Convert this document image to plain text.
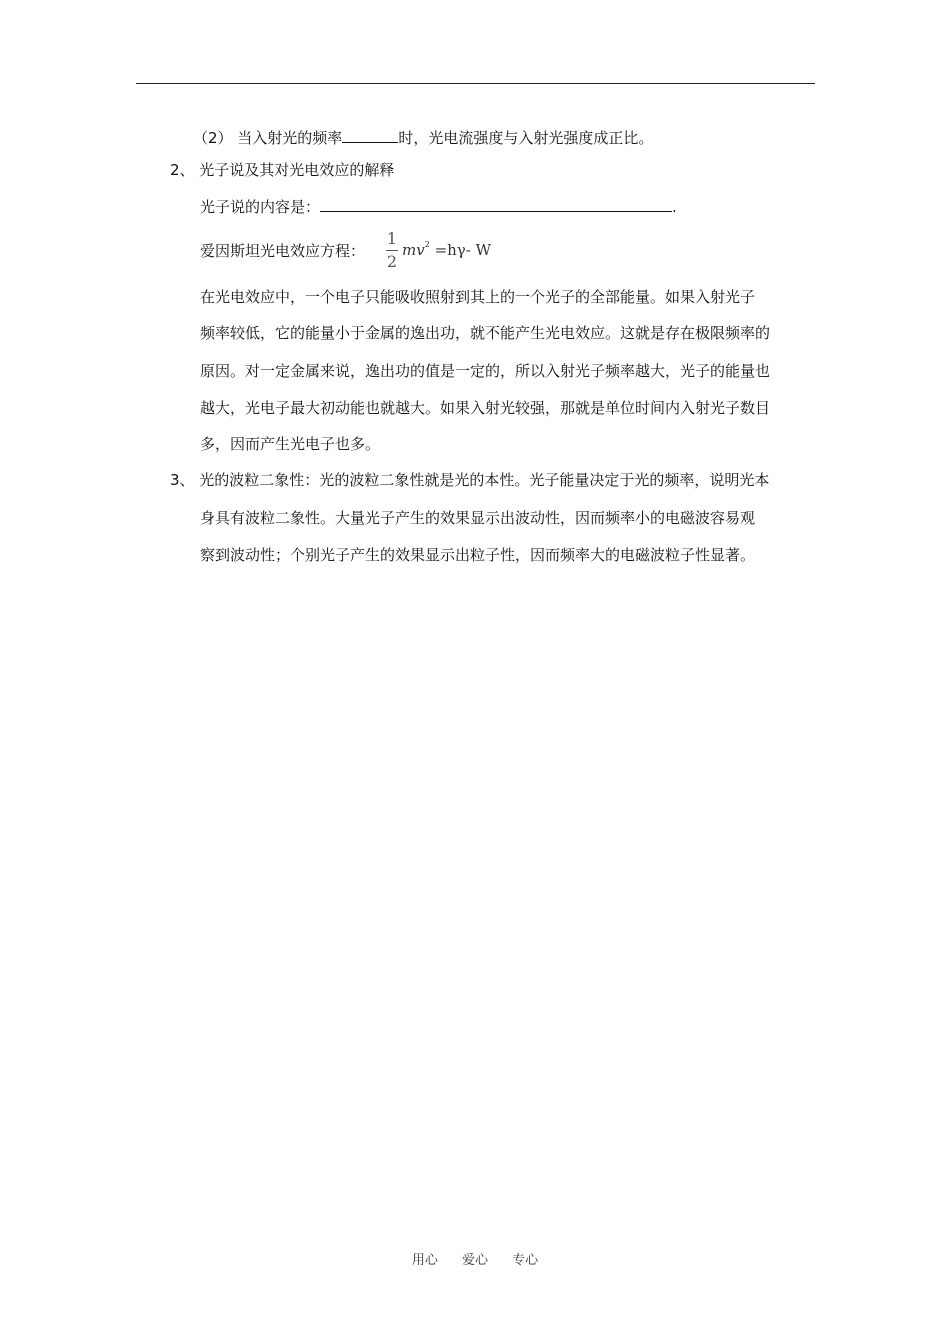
（2） 当入射光的频率	时，光电流强度与入射光强度成正比。
2、 光子说及其对光电效应的解释
光子说的内容是：	.
爱因斯坦光电效应方程：
1
2
$mv^2 =h\gamma-$ W
在光电效应中，一个电子只能吸收照射到其上的一个光子的全部能量。如果入射光子
频率较低，它的能量小于金属的逸出功，就不能产生光电效应。这就是存在极限频率的
原因。对一定金属来说，逸出功的值是一定的，所以入射光子频率越大，光子的能量也
越大，光电子最大初动能也就越大。如果入射光较强，那就是单位时间内入射光子数目
多，因而产生光电子也多。
3、 光的波粒二象性：光的波粒二象性就是光的本性。光子能量决定于光的频率，说明光本
身具有波粒二象性。大量光子产生的效果显示出波动性，因而频率小的电磁波容易观
察到波动性；个别光子产生的效果显示出粒子性，因而频率大的电磁波粒子性显著。
用心 爱心 专心
